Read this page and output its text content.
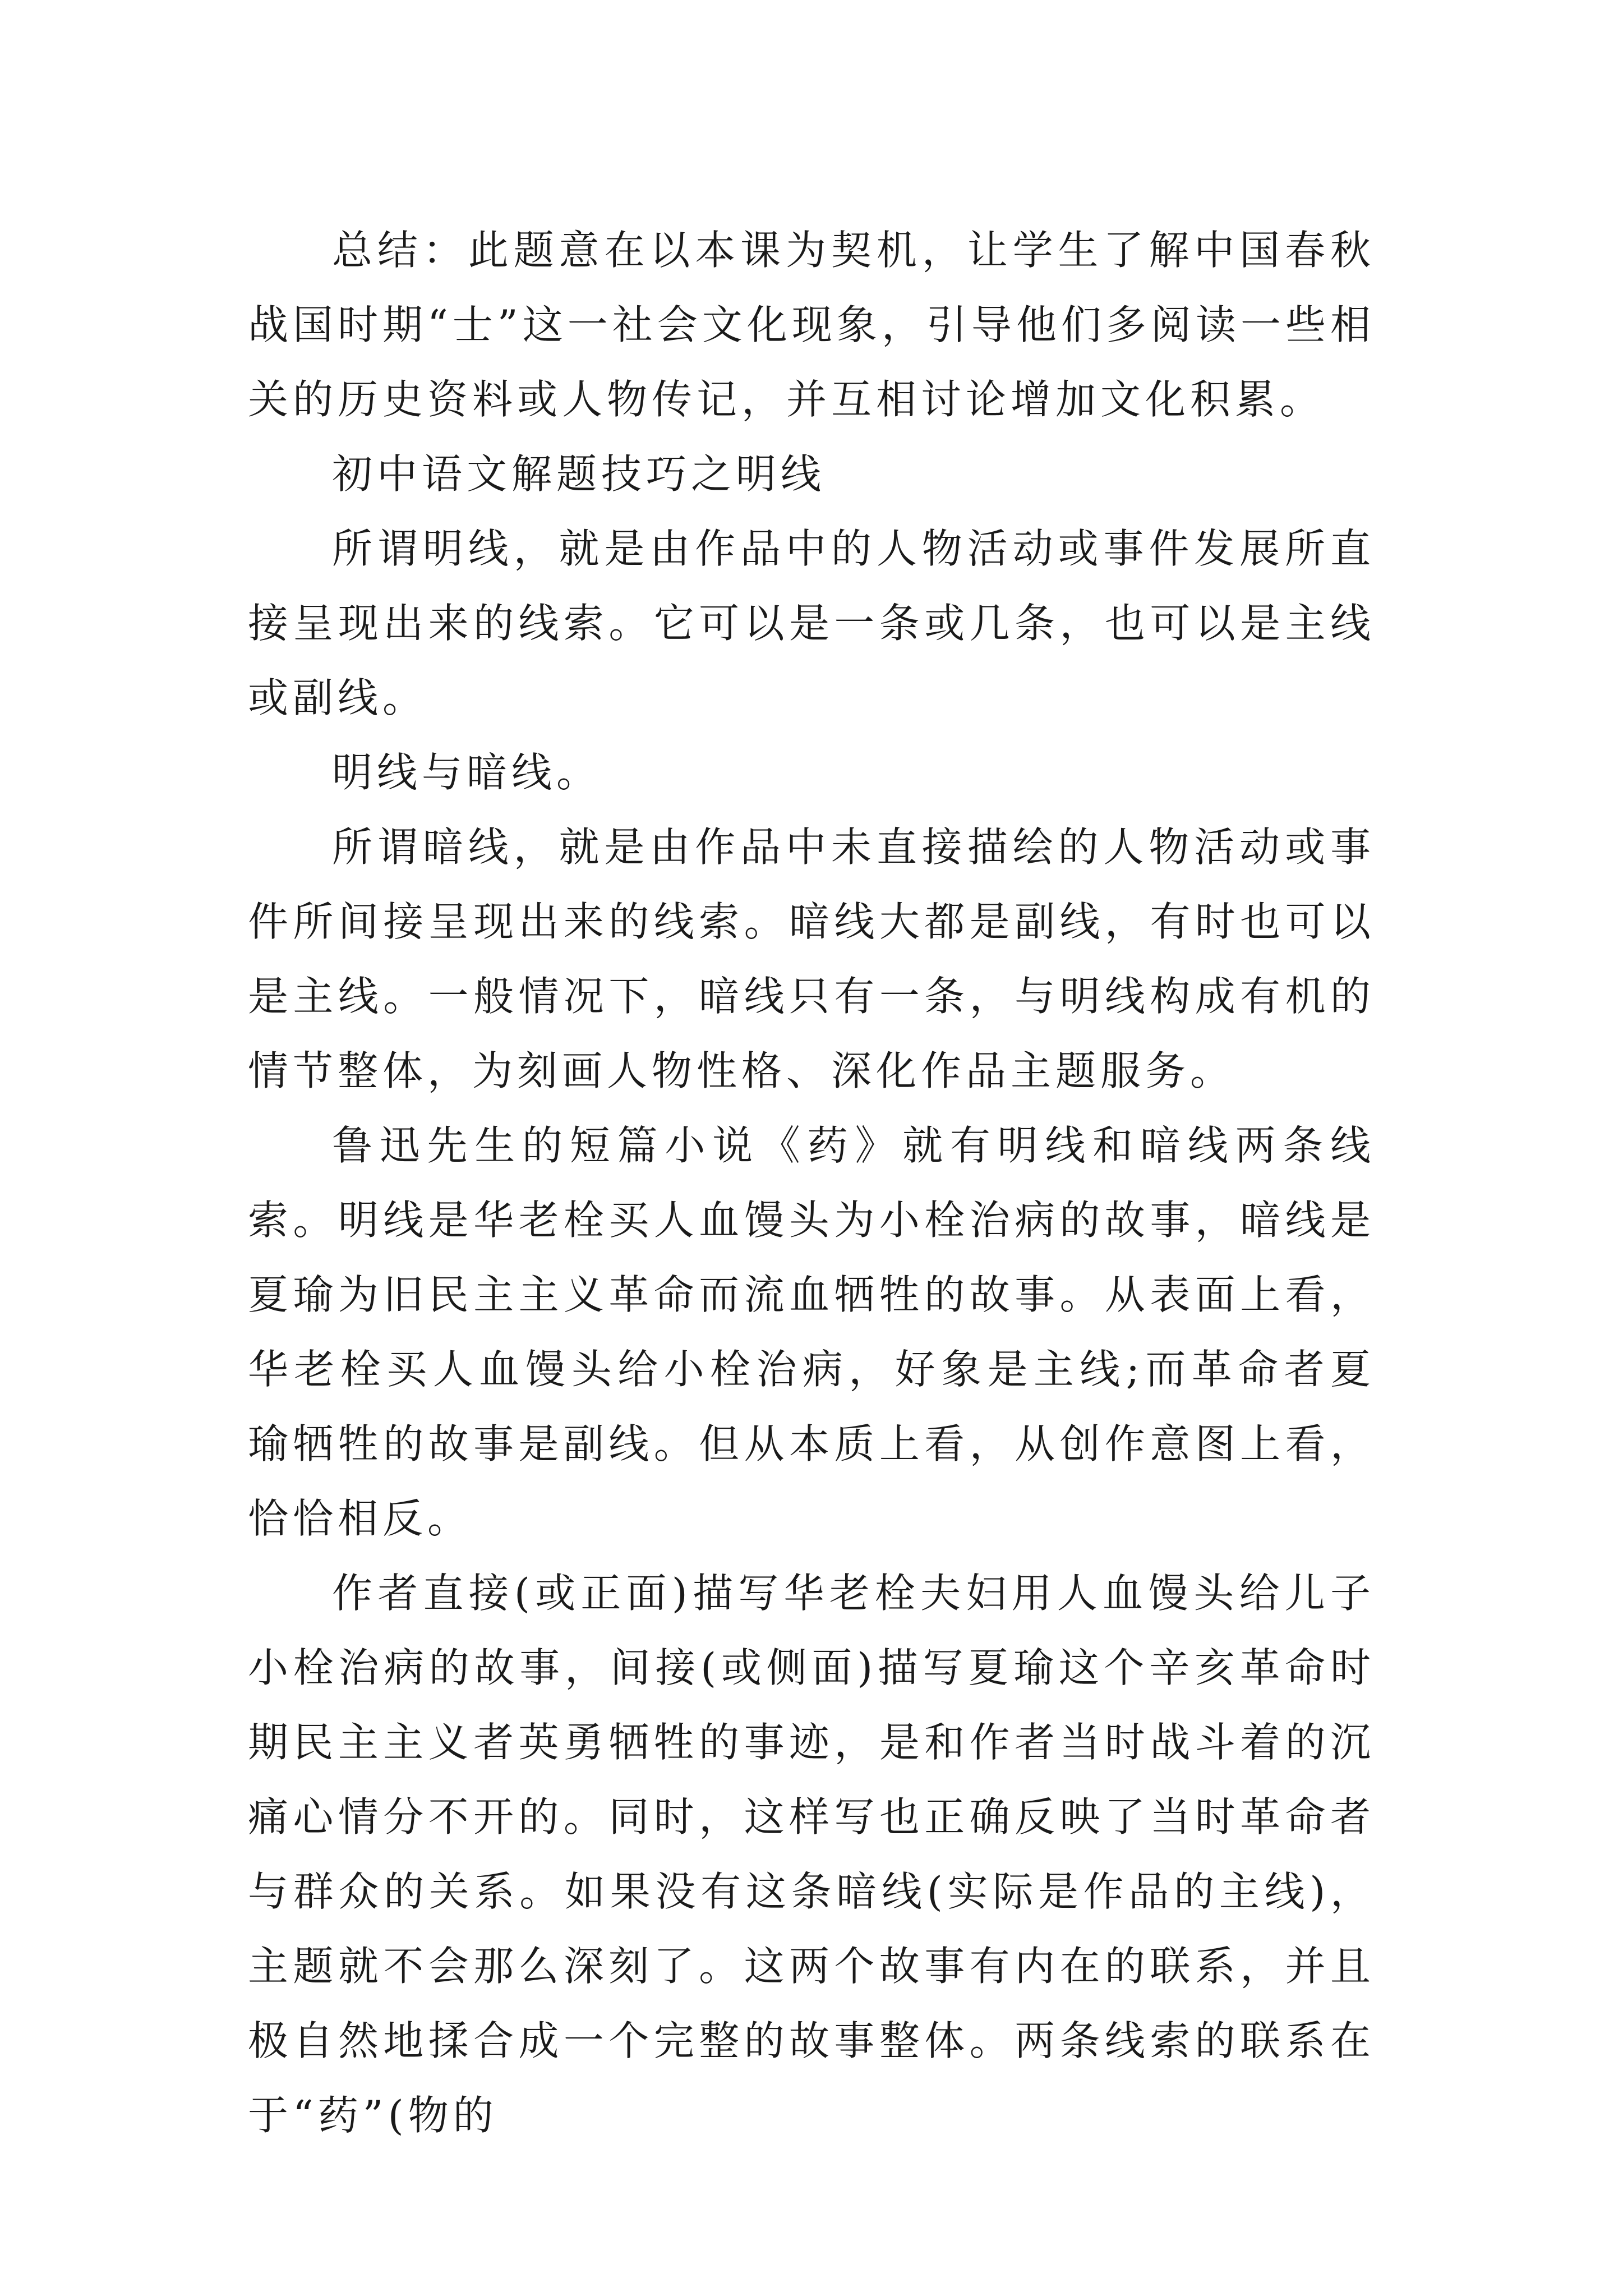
总结：此题意在以本课为契机，让学生了解中国春秋战国时期“士”这一社会文化现象，引导他们多阅读一些相关的历史资料或人物传记，并互相讨论增加文化积累。

初中语文解题技巧之明线

所谓明线，就是由作品中的人物活动或事件发展所直接呈现出来的线索。它可以是一条或几条，也可以是主线或副线。

明线与暗线。

所谓暗线，就是由作品中未直接描绘的人物活动或事件所间接呈现出来的线索。暗线大都是副线，有时也可以是主线。一般情况下，暗线只有一条，与明线构成有机的情节整体，为刻画人物性格、深化作品主题服务。

鲁迅先生的短篇小说《药》就有明线和暗线两条线索。明线是华老栓买人血馒头为小栓治病的故事，暗线是夏瑜为旧民主主义革命而流血牺牲的故事。从表面上看，华老栓买人血馒头给小栓治病，好象是主线;而革命者夏瑜牺牲的故事是副线。但从本质上看，从创作意图上看，恰恰相反。

作者直接(或正面)描写华老栓夫妇用人血馒头给儿子小栓治病的故事，间接(或侧面)描写夏瑜这个辛亥革命时期民主主义者英勇牺牲的事迹，是和作者当时战斗着的沉痛心情分不开的。同时，这样写也正确反映了当时革命者与群众的关系。如果没有这条暗线(实际是作品的主线)，主题就不会那么深刻了。这两个故事有内在的联系，并且极自然地揉合成一个完整的故事整体。两条线索的联系在于“药”(物的
